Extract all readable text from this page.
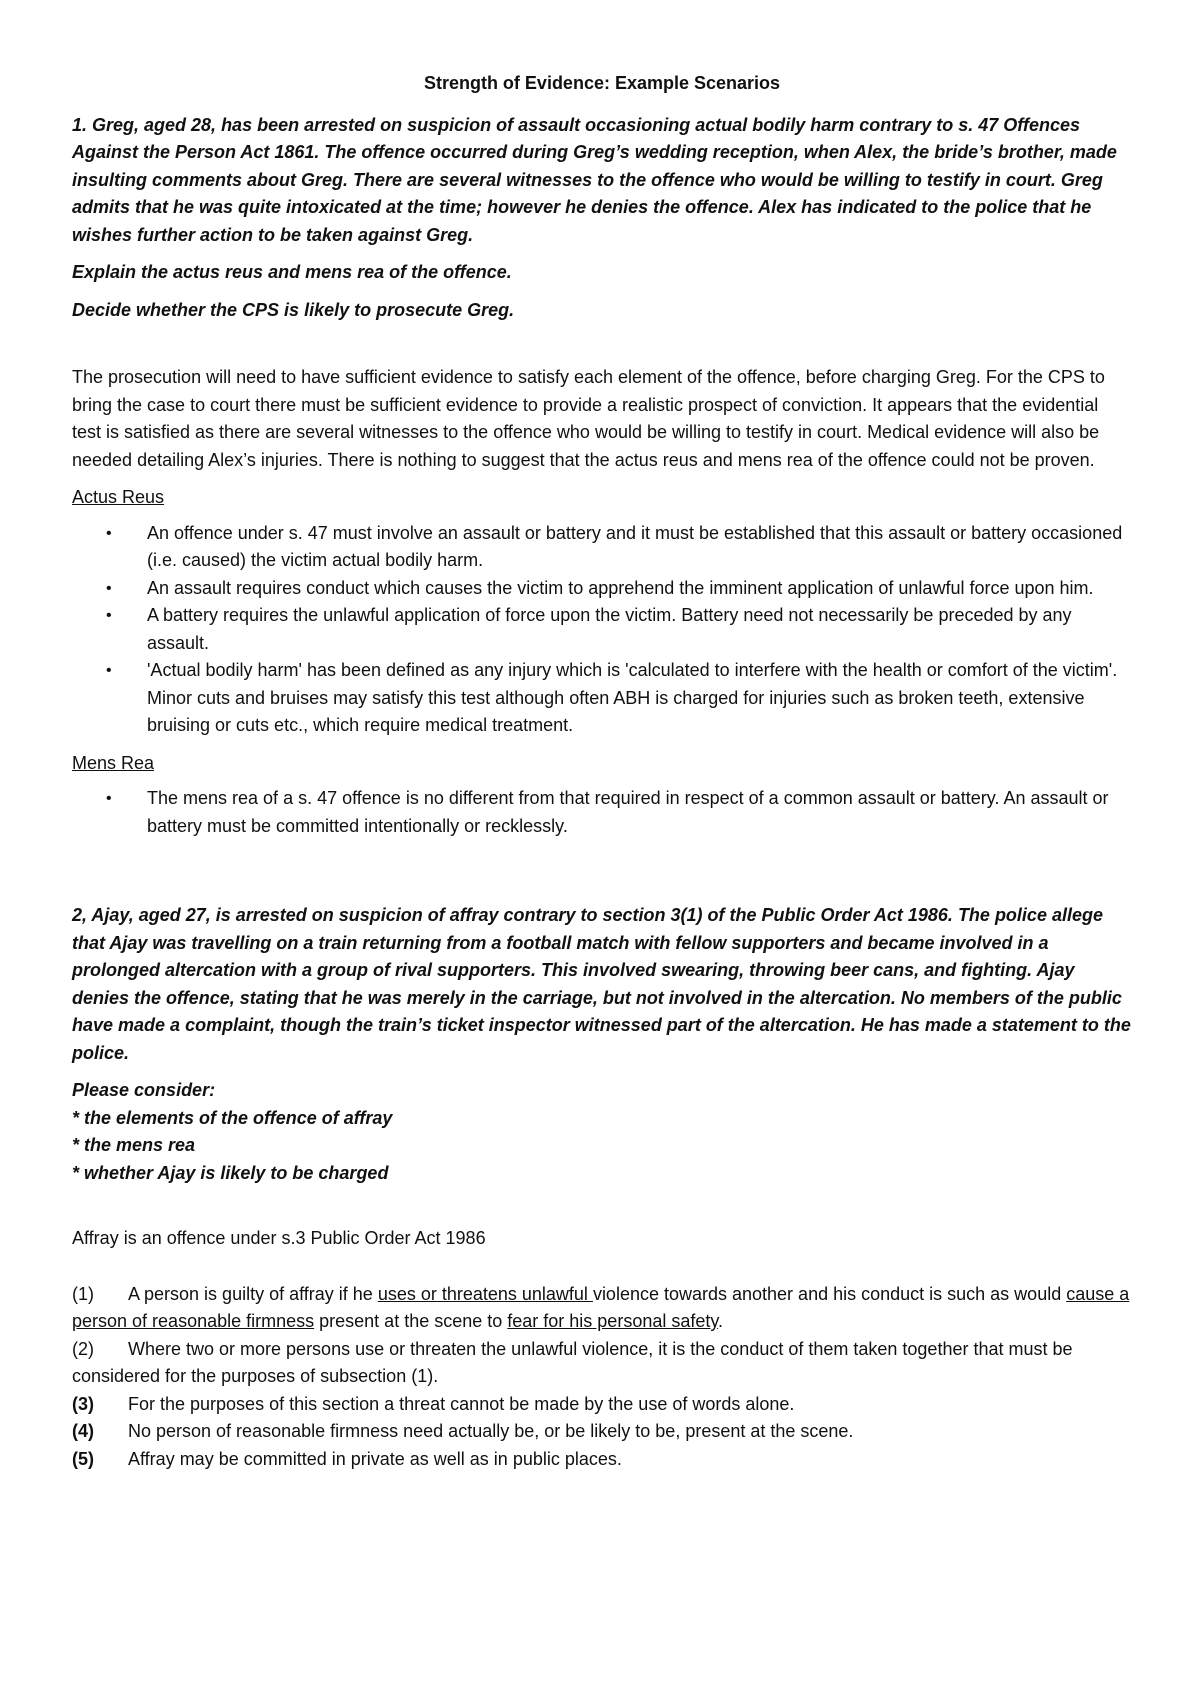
Strength of Evidence: Example Scenarios

1. Greg, aged 28, has been arrested on suspicion of assault occasioning actual bodily harm contrary to s. 47 Offences Against the Person Act 1861. The offence occurred during Greg’s wedding reception, when Alex, the bride’s brother, made insulting comments about Greg. There are several witnesses to the offence who would be willing to testify in court. Greg admits that he was quite intoxicated at the time; however he denies the offence. Alex has indicated to the police that he wishes further action to be taken against Greg.

Explain the actus reus and mens rea of the offence.

Decide whether the CPS is likely to prosecute Greg.

The prosecution will need to have sufficient evidence to satisfy each element of the offence, before charging Greg. For the CPS to bring the case to court there must be sufficient evidence to provide a realistic prospect of conviction. It appears that the evidential test is satisfied as there are several witnesses to the offence who would be willing to testify in court. Medical evidence will also be needed detailing Alex’s injuries. There is nothing to suggest that the actus reus and mens rea of the offence could not be proven.

Actus Reus

• An offence under s. 47 must involve an assault or battery and it must be established that this assault or battery occasioned (i.e. caused) the victim actual bodily harm.
• An assault requires conduct which causes the victim to apprehend the imminent application of unlawful force upon him.
• A battery requires the unlawful application of force upon the victim. Battery need not necessarily be preceded by any assault.
• 'Actual bodily harm' has been defined as any injury which is 'calculated to interfere with the health or comfort of the victim'. Minor cuts and bruises may satisfy this test although often ABH is charged for injuries such as broken teeth, extensive bruising or cuts etc., which require medical treatment.

Mens Rea

• The mens rea of a s. 47 offence is no different from that required in respect of a common assault or battery. An assault or battery must be committed intentionally or recklessly.

2, Ajay, aged 27, is arrested on suspicion of affray contrary to section 3(1) of the Public Order Act 1986. The police allege that Ajay was travelling on a train returning from a football match with fellow supporters and became involved in a prolonged altercation with a group of rival supporters. This involved swearing, throwing beer cans, and fighting. Ajay denies the offence, stating that he was merely in the carriage, but not involved in the altercation. No members of the public have made a complaint, though the train’s ticket inspector witnessed part of the altercation. He has made a statement to the police.

Please consider:

* the elements of the offence of affray

* the mens rea

* whether Ajay is likely to be charged

Affray is an offence under s.3 Public Order Act 1986

(1) A person is guilty of affray if he uses or threatens unlawful violence towards another and his conduct is such as would cause a person of reasonable firmness present at the scene to fear for his personal safety.

(2) Where two or more persons use or threaten the unlawful violence, it is the conduct of them taken together that must be considered for the purposes of subsection (1).

(3) For the purposes of this section a threat cannot be made by the use of words alone.

(4) No person of reasonable firmness need actually be, or be likely to be, present at the scene.

(5) Affray may be committed in private as well as in public places.
